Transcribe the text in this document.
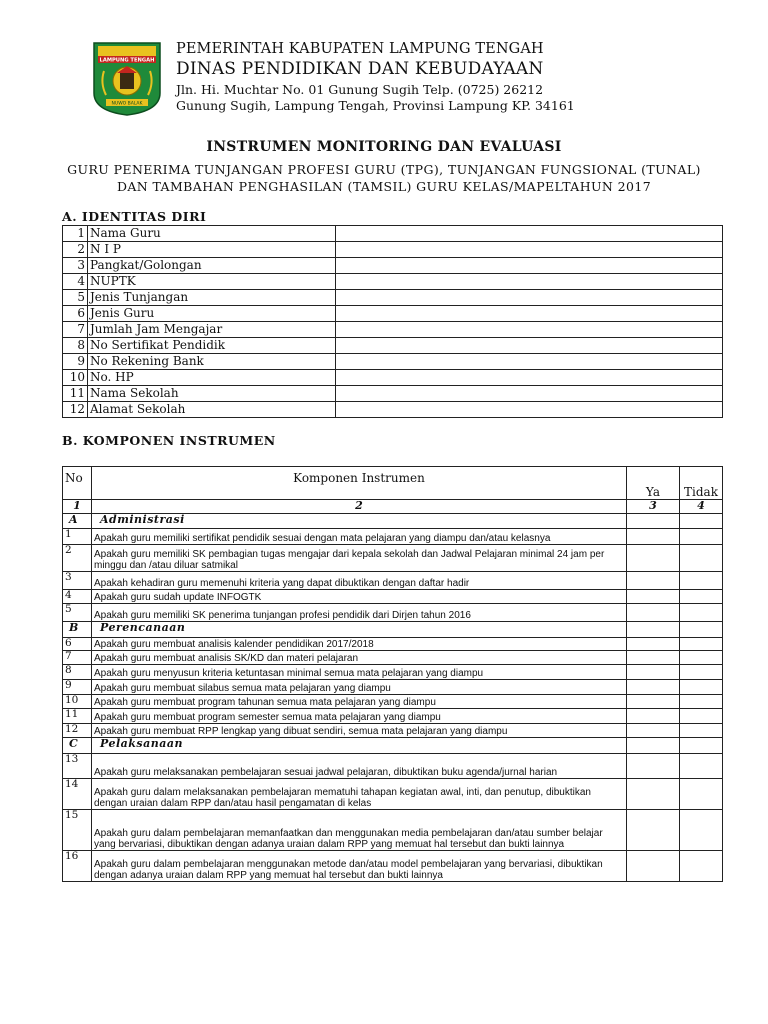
LAMPUNG TENGAH
NUWO BALAK
PEMERINTAH KABUPATEN LAMPUNG TENGAH
DINAS PENDIDIKAN DAN KEBUDAYAAN
Jln. Hi. Muchtar No. 01 Gunung Sugih Telp. (0725) 26212
Gunung Sugih, Lampung Tengah, Provinsi Lampung KP. 34161
INSTRUMEN MONITORING DAN EVALUASI
GURU PENERIMA TUNJANGAN PROFESI GURU (TPG), TUNJANGAN FUNGSIONAL (TUNAL)
DAN TAMBAHAN PENGHASILAN (TAMSIL) GURU KELAS/MAPELTAHUN 2017
A. IDENTITAS DIRI
1	Nama Guru	
2	N I P	
3	Pangkat/Golongan	
4	NUPTK	
5	Jenis Tunjangan	
6	Jenis Guru	
7	Jumlah Jam Mengajar	
8	No Sertifikat Pendidik	
9	No Rekening Bank	
10	No. HP	
11	Nama Sekolah	
12	Alamat Sekolah	
B. KOMPONEN INSTRUMEN
No	Komponen Instrumen	Ya	Tidak
1	2	3	4
A	Administrasi		
1	Apakah guru memiliki sertifikat pendidik sesuai dengan mata pelajaran yang diampu dan/atau kelasnya		
2	Apakah guru memiliki SK pembagian tugas mengajar dari kepala sekolah dan Jadwal Pelajaran minimal 24 jam per minggu dan /atau diluar satmikal		
3	Apakah kehadiran guru memenuhi kriteria yang dapat dibuktikan dengan daftar hadir		
4	Apakah guru sudah update INFOGTK		
5	Apakah guru memiliki SK penerima tunjangan profesi pendidik dari Dirjen tahun 2016		
B	Perencanaan		
6	Apakah guru membuat analisis kalender pendidikan 2017/2018		
7	Apakah guru membuat analisis SK/KD dan materi pelajaran		
8	Apakah guru menyusun kriteria ketuntasan minimal semua mata pelajaran yang diampu		
9	Apakah guru membuat silabus semua mata pelajaran yang diampu		
10	Apakah guru membuat program tahunan semua mata pelajaran yang diampu		
11	Apakah guru membuat program semester semua mata pelajaran yang diampu		
12	Apakah guru membuat RPP lengkap yang dibuat sendiri, semua mata pelajaran yang diampu		
C	Pelaksanaan		
13	Apakah guru melaksanakan pembelajaran sesuai jadwal pelajaran, dibuktikan buku agenda/jurnal harian		
14	Apakah guru dalam melaksanakan pembelajaran mematuhi tahapan kegiatan awal, inti, dan penutup, dibuktikan dengan uraian dalam RPP dan/atau hasil pengamatan di kelas		
15	Apakah guru dalam pembelajaran memanfaatkan dan menggunakan media pembelajaran dan/atau sumber belajar yang bervariasi, dibuktikan dengan adanya uraian dalam RPP yang memuat hal tersebut dan bukti lainnya		
16	Apakah guru dalam pembelajaran menggunakan metode dan/atau model pembelajaran yang bervariasi, dibuktikan dengan adanya uraian dalam RPP yang memuat hal tersebut dan bukti lainnya		
